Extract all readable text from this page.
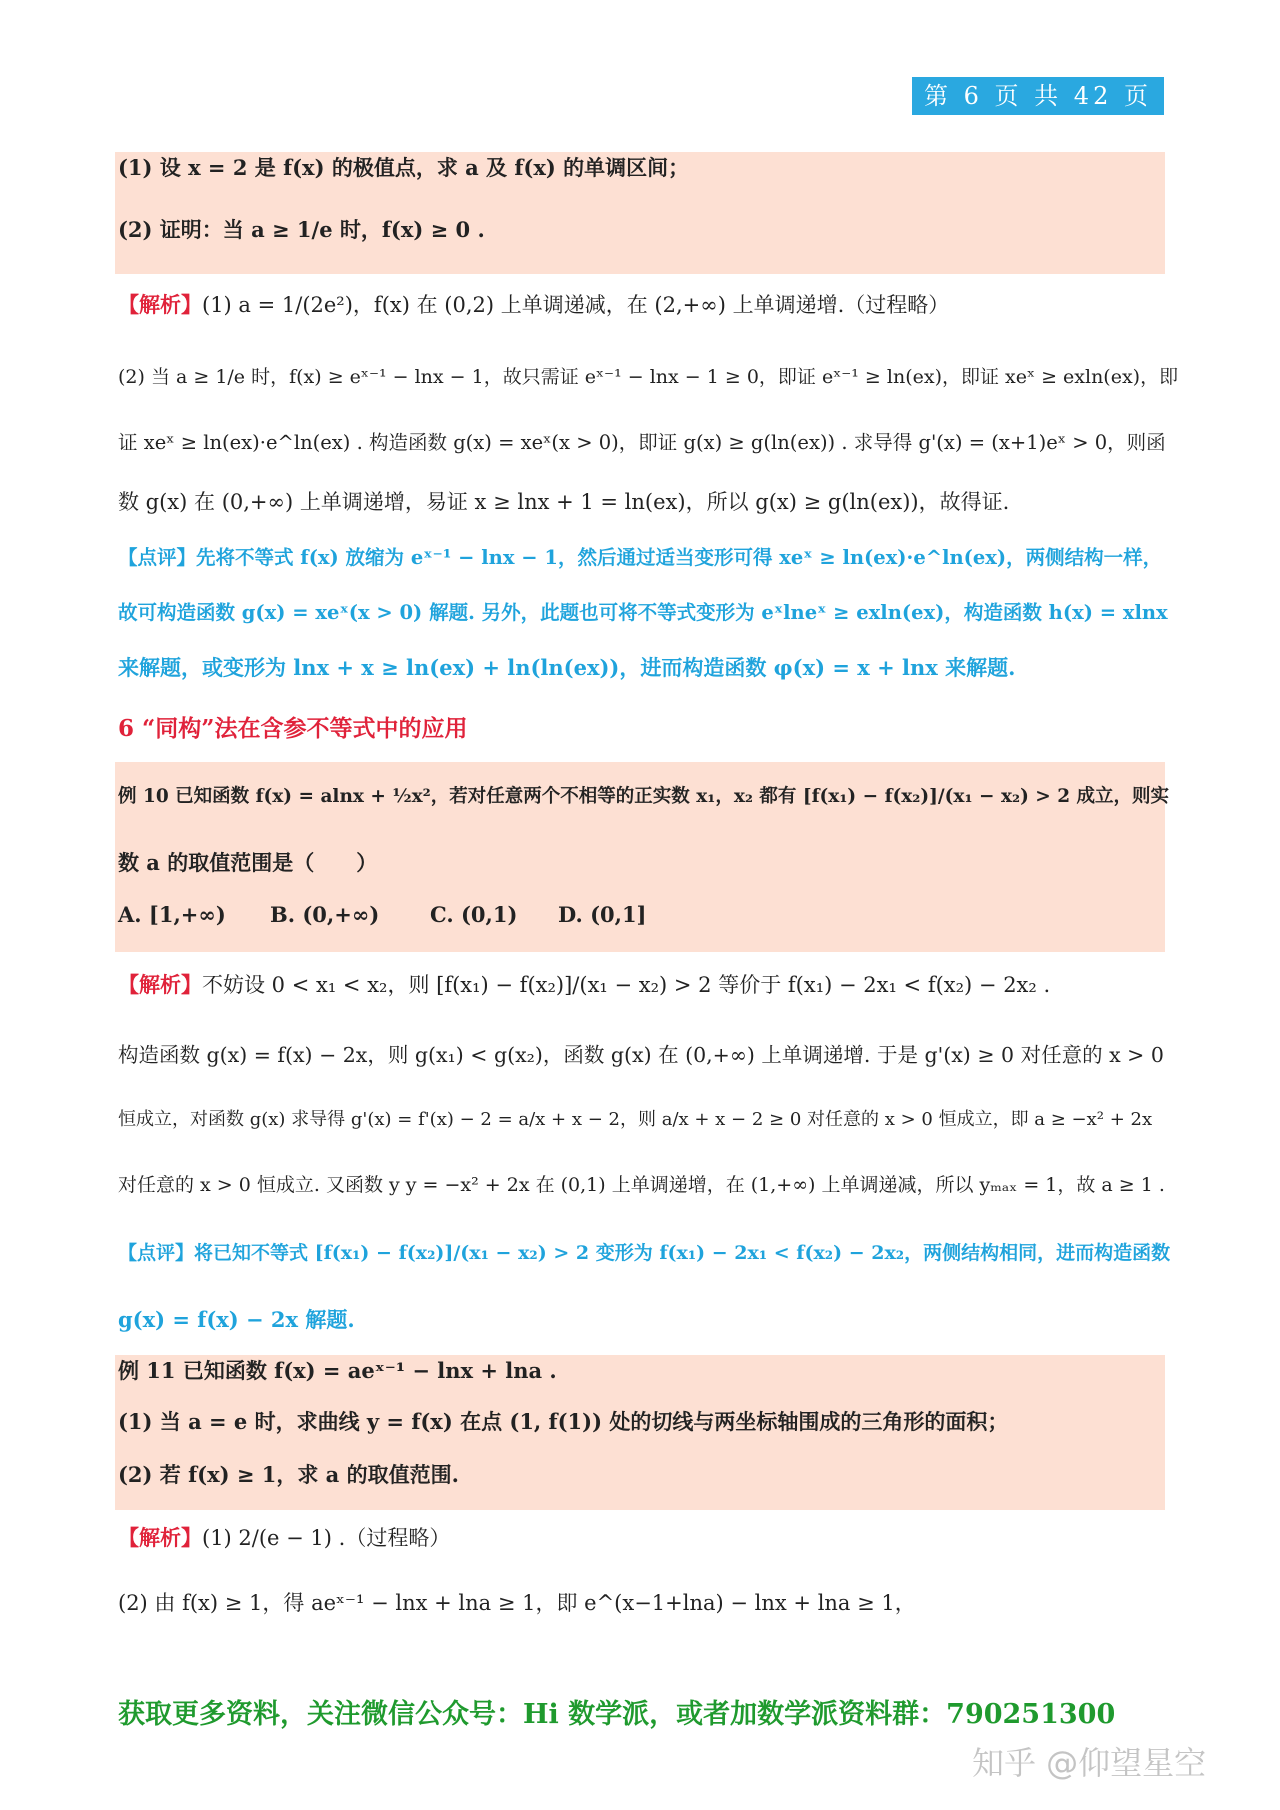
第 6 页 共 42 页
(1) 设 x = 2 是 f(x) 的极值点，求 a 及 f(x) 的单调区间；
(2) 证明：当 a ≥ 1/e 时，f(x) ≥ 0 .
【解析】(1) a = 1/(2e²)，f(x) 在 (0,2) 上单调递减，在 (2,+∞) 上单调递增.（过程略）
(2) 当 a ≥ 1/e 时，f(x) ≥ eˣ⁻¹ − lnx − 1，故只需证 eˣ⁻¹ − lnx − 1 ≥ 0，即证 eˣ⁻¹ ≥ ln(ex)，即证 xeˣ ≥ exln(ex)，即
证 xeˣ ≥ ln(ex)·e^ln(ex) . 构造函数 g(x) = xeˣ(x > 0)，即证 g(x) ≥ g(ln(ex)) . 求导得 g'(x) = (x+1)eˣ > 0，则函
数 g(x) 在 (0,+∞) 上单调递增，易证 x ≥ lnx + 1 = ln(ex)，所以 g(x) ≥ g(ln(ex))，故得证.
【点评】先将不等式 f(x) 放缩为 eˣ⁻¹ − lnx − 1，然后通过适当变形可得 xeˣ ≥ ln(ex)·e^ln(ex)，两侧结构一样，
故可构造函数 g(x) = xeˣ(x > 0) 解题. 另外，此题也可将不等式变形为 eˣlneˣ ≥ exln(ex)，构造函数 h(x) = xlnx
来解题，或变形为 lnx + x ≥ ln(ex) + ln(ln(ex))，进而构造函数 φ(x) = x + lnx 来解题.
6 “同构”法在含参不等式中的应用
例 10 已知函数 f(x) = alnx + ½x²，若对任意两个不相等的正实数 x₁，x₂ 都有 [f(x₁) − f(x₂)]/(x₁ − x₂) > 2 成立，则实
数 a 的取值范围是（　　）
A. [1,+∞) B. (0,+∞) C. (0,1) D. (0,1]
【解析】不妨设 0 < x₁ < x₂，则 [f(x₁) − f(x₂)]/(x₁ − x₂) > 2 等价于 f(x₁) − 2x₁ < f(x₂) − 2x₂ .
构造函数 g(x) = f(x) − 2x，则 g(x₁) < g(x₂)，函数 g(x) 在 (0,+∞) 上单调递增. 于是 g'(x) ≥ 0 对任意的 x > 0
恒成立，对函数 g(x) 求导得 g'(x) = f'(x) − 2 = a/x + x − 2，则 a/x + x − 2 ≥ 0 对任意的 x > 0 恒成立，即 a ≥ −x² + 2x
对任意的 x > 0 恒成立. 又函数 y y = −x² + 2x 在 (0,1) 上单调递增，在 (1,+∞) 上单调递减，所以 yₘₐₓ = 1，故 a ≥ 1 .
【点评】将已知不等式 [f(x₁) − f(x₂)]/(x₁ − x₂) > 2 变形为 f(x₁) − 2x₁ < f(x₂) − 2x₂，两侧结构相同，进而构造函数
g(x) = f(x) − 2x 解题.
例 11 已知函数 f(x) = aeˣ⁻¹ − lnx + lna .
(1) 当 a = e 时，求曲线 y = f(x) 在点 (1, f(1)) 处的切线与两坐标轴围成的三角形的面积；
(2) 若 f(x) ≥ 1，求 a 的取值范围.
【解析】(1) 2/(e − 1) .（过程略）
(2) 由 f(x) ≥ 1，得 aeˣ⁻¹ − lnx + lna ≥ 1，即 e^(x−1+lna) − lnx + lna ≥ 1，
获取更多资料，关注微信公众号：Hi 数学派，或者加数学派资料群：790251300
知乎 @仰望星空
